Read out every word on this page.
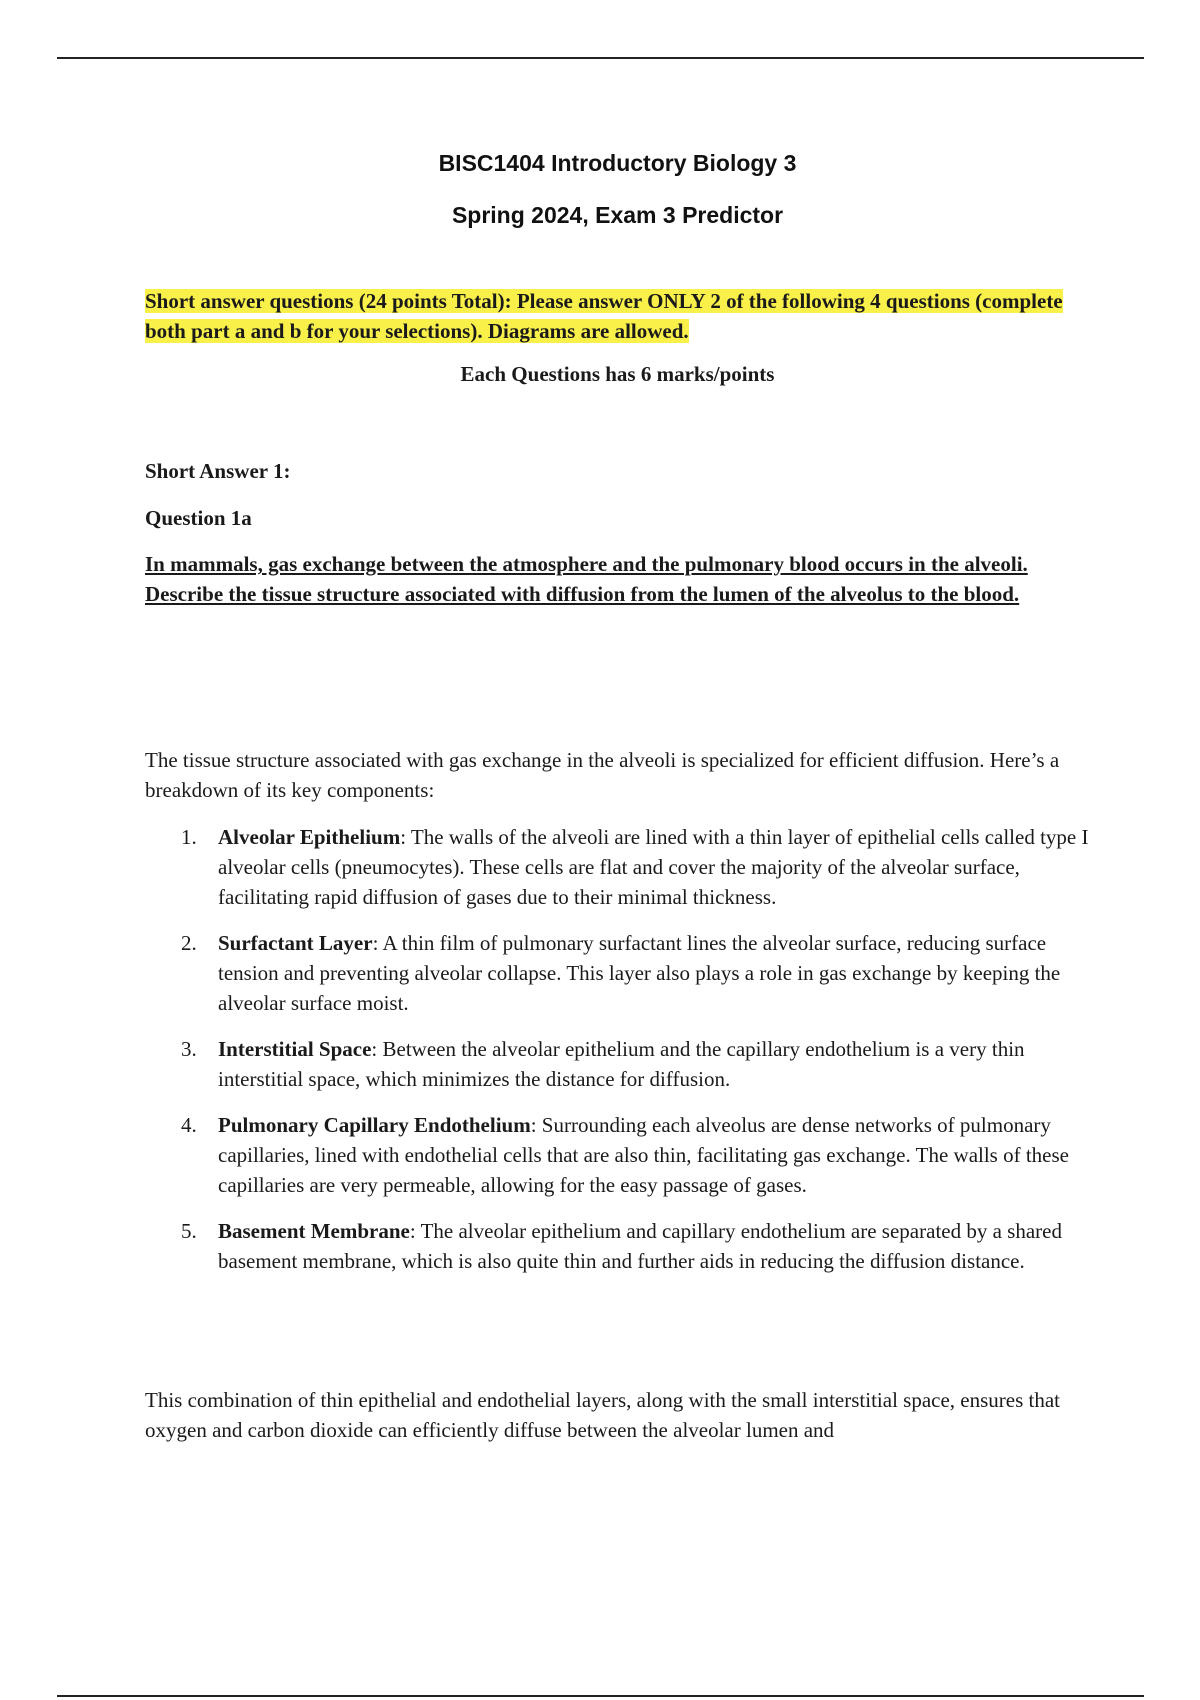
BISC1404 Introductory Biology 3
Spring 2024, Exam 3 Predictor
Short answer questions (24 points Total): Please answer ONLY 2 of the following 4 questions (complete both part a and b for your selections). Diagrams are allowed.
Each Questions has 6 marks/points
Short Answer 1:
Question 1a
In mammals, gas exchange between the atmosphere and the pulmonary blood occurs in the alveoli. Describe the tissue structure associated with diffusion from the lumen of the alveolus to the blood.
The tissue structure associated with gas exchange in the alveoli is specialized for efficient diffusion. Here’s a breakdown of its key components:
1. Alveolar Epithelium: The walls of the alveoli are lined with a thin layer of epithelial cells called type I alveolar cells (pneumocytes). These cells are flat and cover the majority of the alveolar surface, facilitating rapid diffusion of gases due to their minimal thickness.
2. Surfactant Layer: A thin film of pulmonary surfactant lines the alveolar surface, reducing surface tension and preventing alveolar collapse. This layer also plays a role in gas exchange by keeping the alveolar surface moist.
3. Interstitial Space: Between the alveolar epithelium and the capillary endothelium is a very thin interstitial space, which minimizes the distance for diffusion.
4. Pulmonary Capillary Endothelium: Surrounding each alveolus are dense networks of pulmonary capillaries, lined with endothelial cells that are also thin, facilitating gas exchange. The walls of these capillaries are very permeable, allowing for the easy passage of gases.
5. Basement Membrane: The alveolar epithelium and capillary endothelium are separated by a shared basement membrane, which is also quite thin and further aids in reducing the diffusion distance.
This combination of thin epithelial and endothelial layers, along with the small interstitial space, ensures that oxygen and carbon dioxide can efficiently diffuse between the alveolar lumen and
